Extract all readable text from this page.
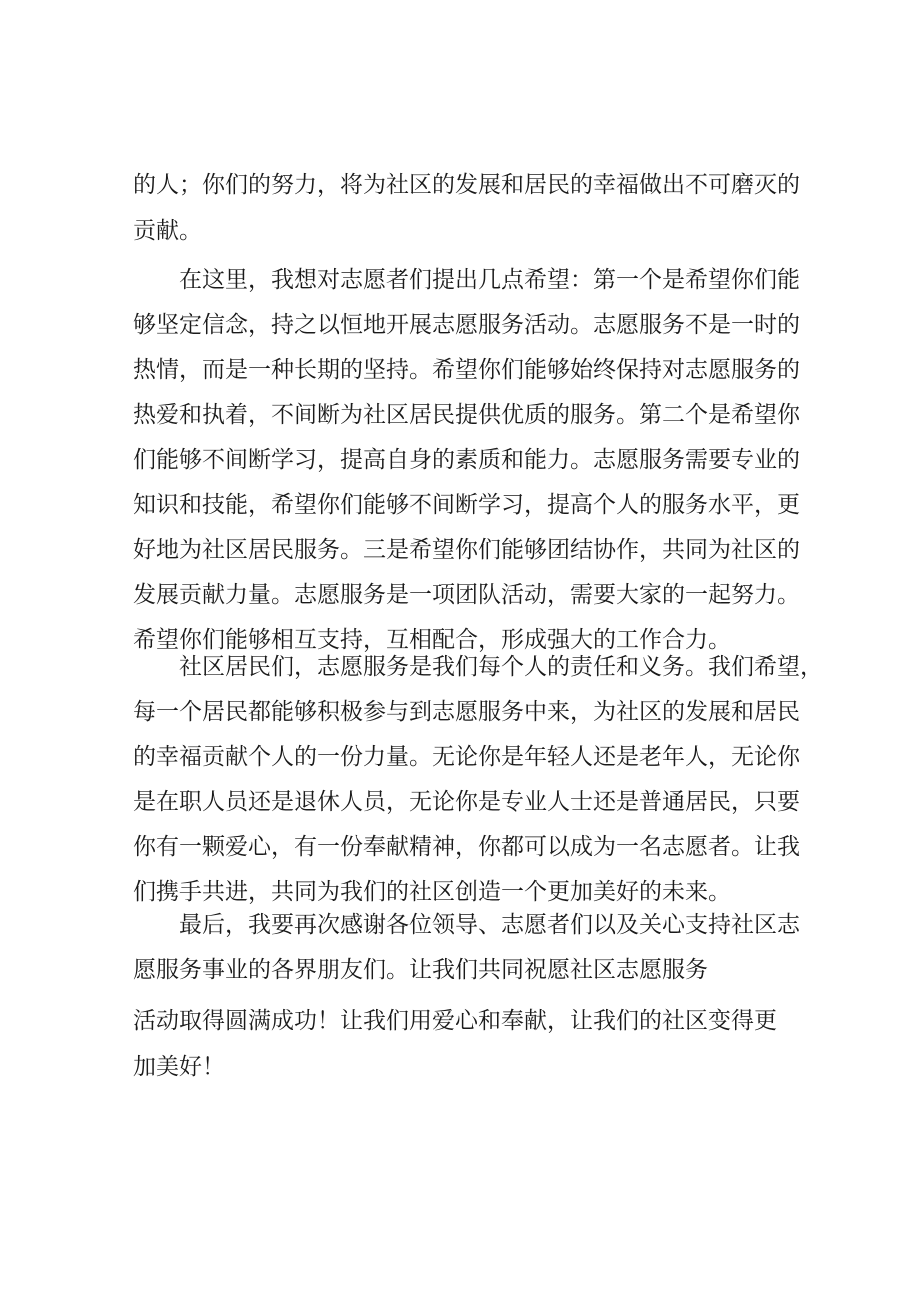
的人；你们的努力，将为社区的发展和居民的幸福做出不可磨灭的
贡献。
在这里，我想对志愿者们提出几点希望：第一个是希望你们能
够坚定信念，持之以恒地开展志愿服务活动。志愿服务不是一时的
热情，而是一种长期的坚持。希望你们能够始终保持对志愿服务的
热爱和执着，不间断为社区居民提供优质的服务。第二个是希望你
们能够不间断学习，提高自身的素质和能力。志愿服务需要专业的
知识和技能，希望你们能够不间断学习，提高个人的服务水平，更
好地为社区居民服务。三是希望你们能够团结协作，共同为社区的
发展贡献力量。志愿服务是一项团队活动，需要大家的一起努力。
希望你们能够相互支持，互相配合，形成强大的工作合力。
社区居民们，志愿服务是我们每个人的责任和义务。我们希望，
每一个居民都能够积极参与到志愿服务中来，为社区的发展和居民
的幸福贡献个人的一份力量。无论你是年轻人还是老年人，无论你
是在职人员还是退休人员，无论你是专业人士还是普通居民，只要
你有一颗爱心，有一份奉献精神，你都可以成为一名志愿者。让我
们携手共进，共同为我们的社区创造一个更加美好的未来。
最后，我要再次感谢各位领导、志愿者们以及关心支持社区志
愿服务事业的各界朋友们。让我们共同祝愿社区志愿服务
活动取得圆满成功！让我们用爱心和奉献，让我们的社区变得更
加美好！
